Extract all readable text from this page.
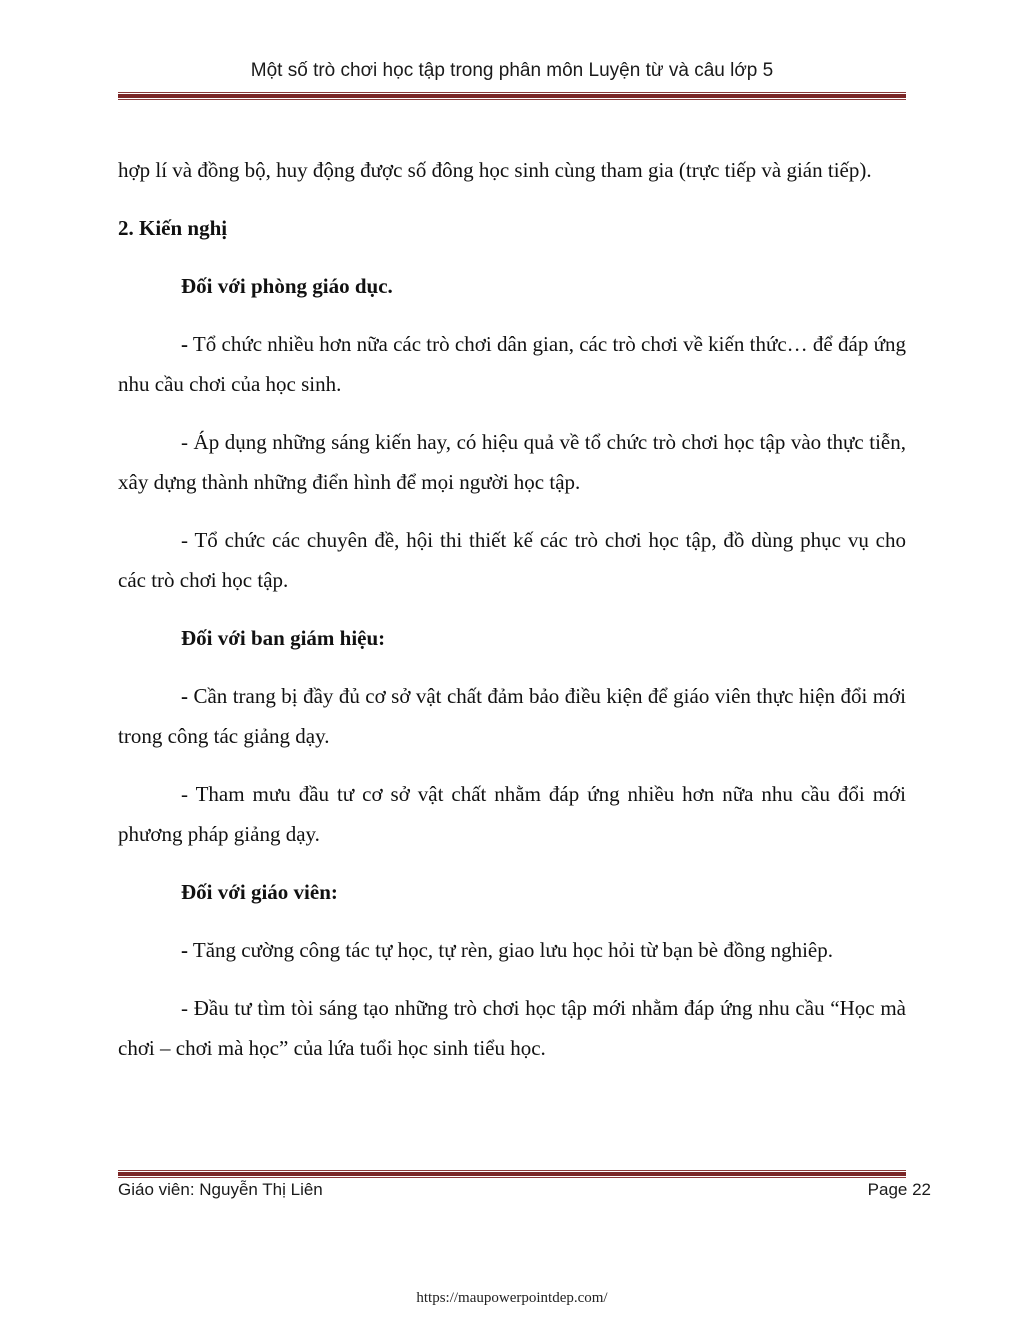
Một số trò chơi học tập trong phân môn Luyện từ và câu lớp 5

hợp lí và đồng bộ, huy động được số đông học sinh cùng tham gia (trực tiếp và gián tiếp).

2. Kiến nghị

Đối với phòng giáo dục.

- Tổ chức nhiều hơn nữa các trò chơi dân gian, các trò chơi về kiến thức… để đáp ứng nhu cầu chơi của học sinh.

- Áp dụng những sáng kiến hay, có hiệu quả về tổ chức trò chơi học tập vào thực tiễn, xây dựng thành những điển hình để mọi người học tập.

- Tổ chức các chuyên đề, hội thi thiết kế các trò chơi học tập, đồ dùng phục vụ cho các trò chơi học tập.

Đối với ban giám hiệu:

- Cần trang bị đầy đủ cơ sở vật chất đảm bảo điều kiện để giáo viên thực hiện đổi mới trong công tác giảng dạy.

- Tham mưu đầu tư cơ sở vật chất nhằm đáp ứng nhiều hơn nữa nhu cầu đổi mới phương pháp giảng dạy.

Đối với giáo viên:

- Tăng cường công tác tự học, tự rèn, giao lưu học hỏi từ bạn bè đồng nghiêp.

- Đầu tư tìm tòi sáng tạo những trò chơi học tập mới nhằm đáp ứng nhu cầu “Học mà chơi – chơi mà học” của lứa tuổi học sinh tiểu học.

Giáo viên: Nguyễn Thị Liên	Page 22
https://maupowerpointdep.com/
